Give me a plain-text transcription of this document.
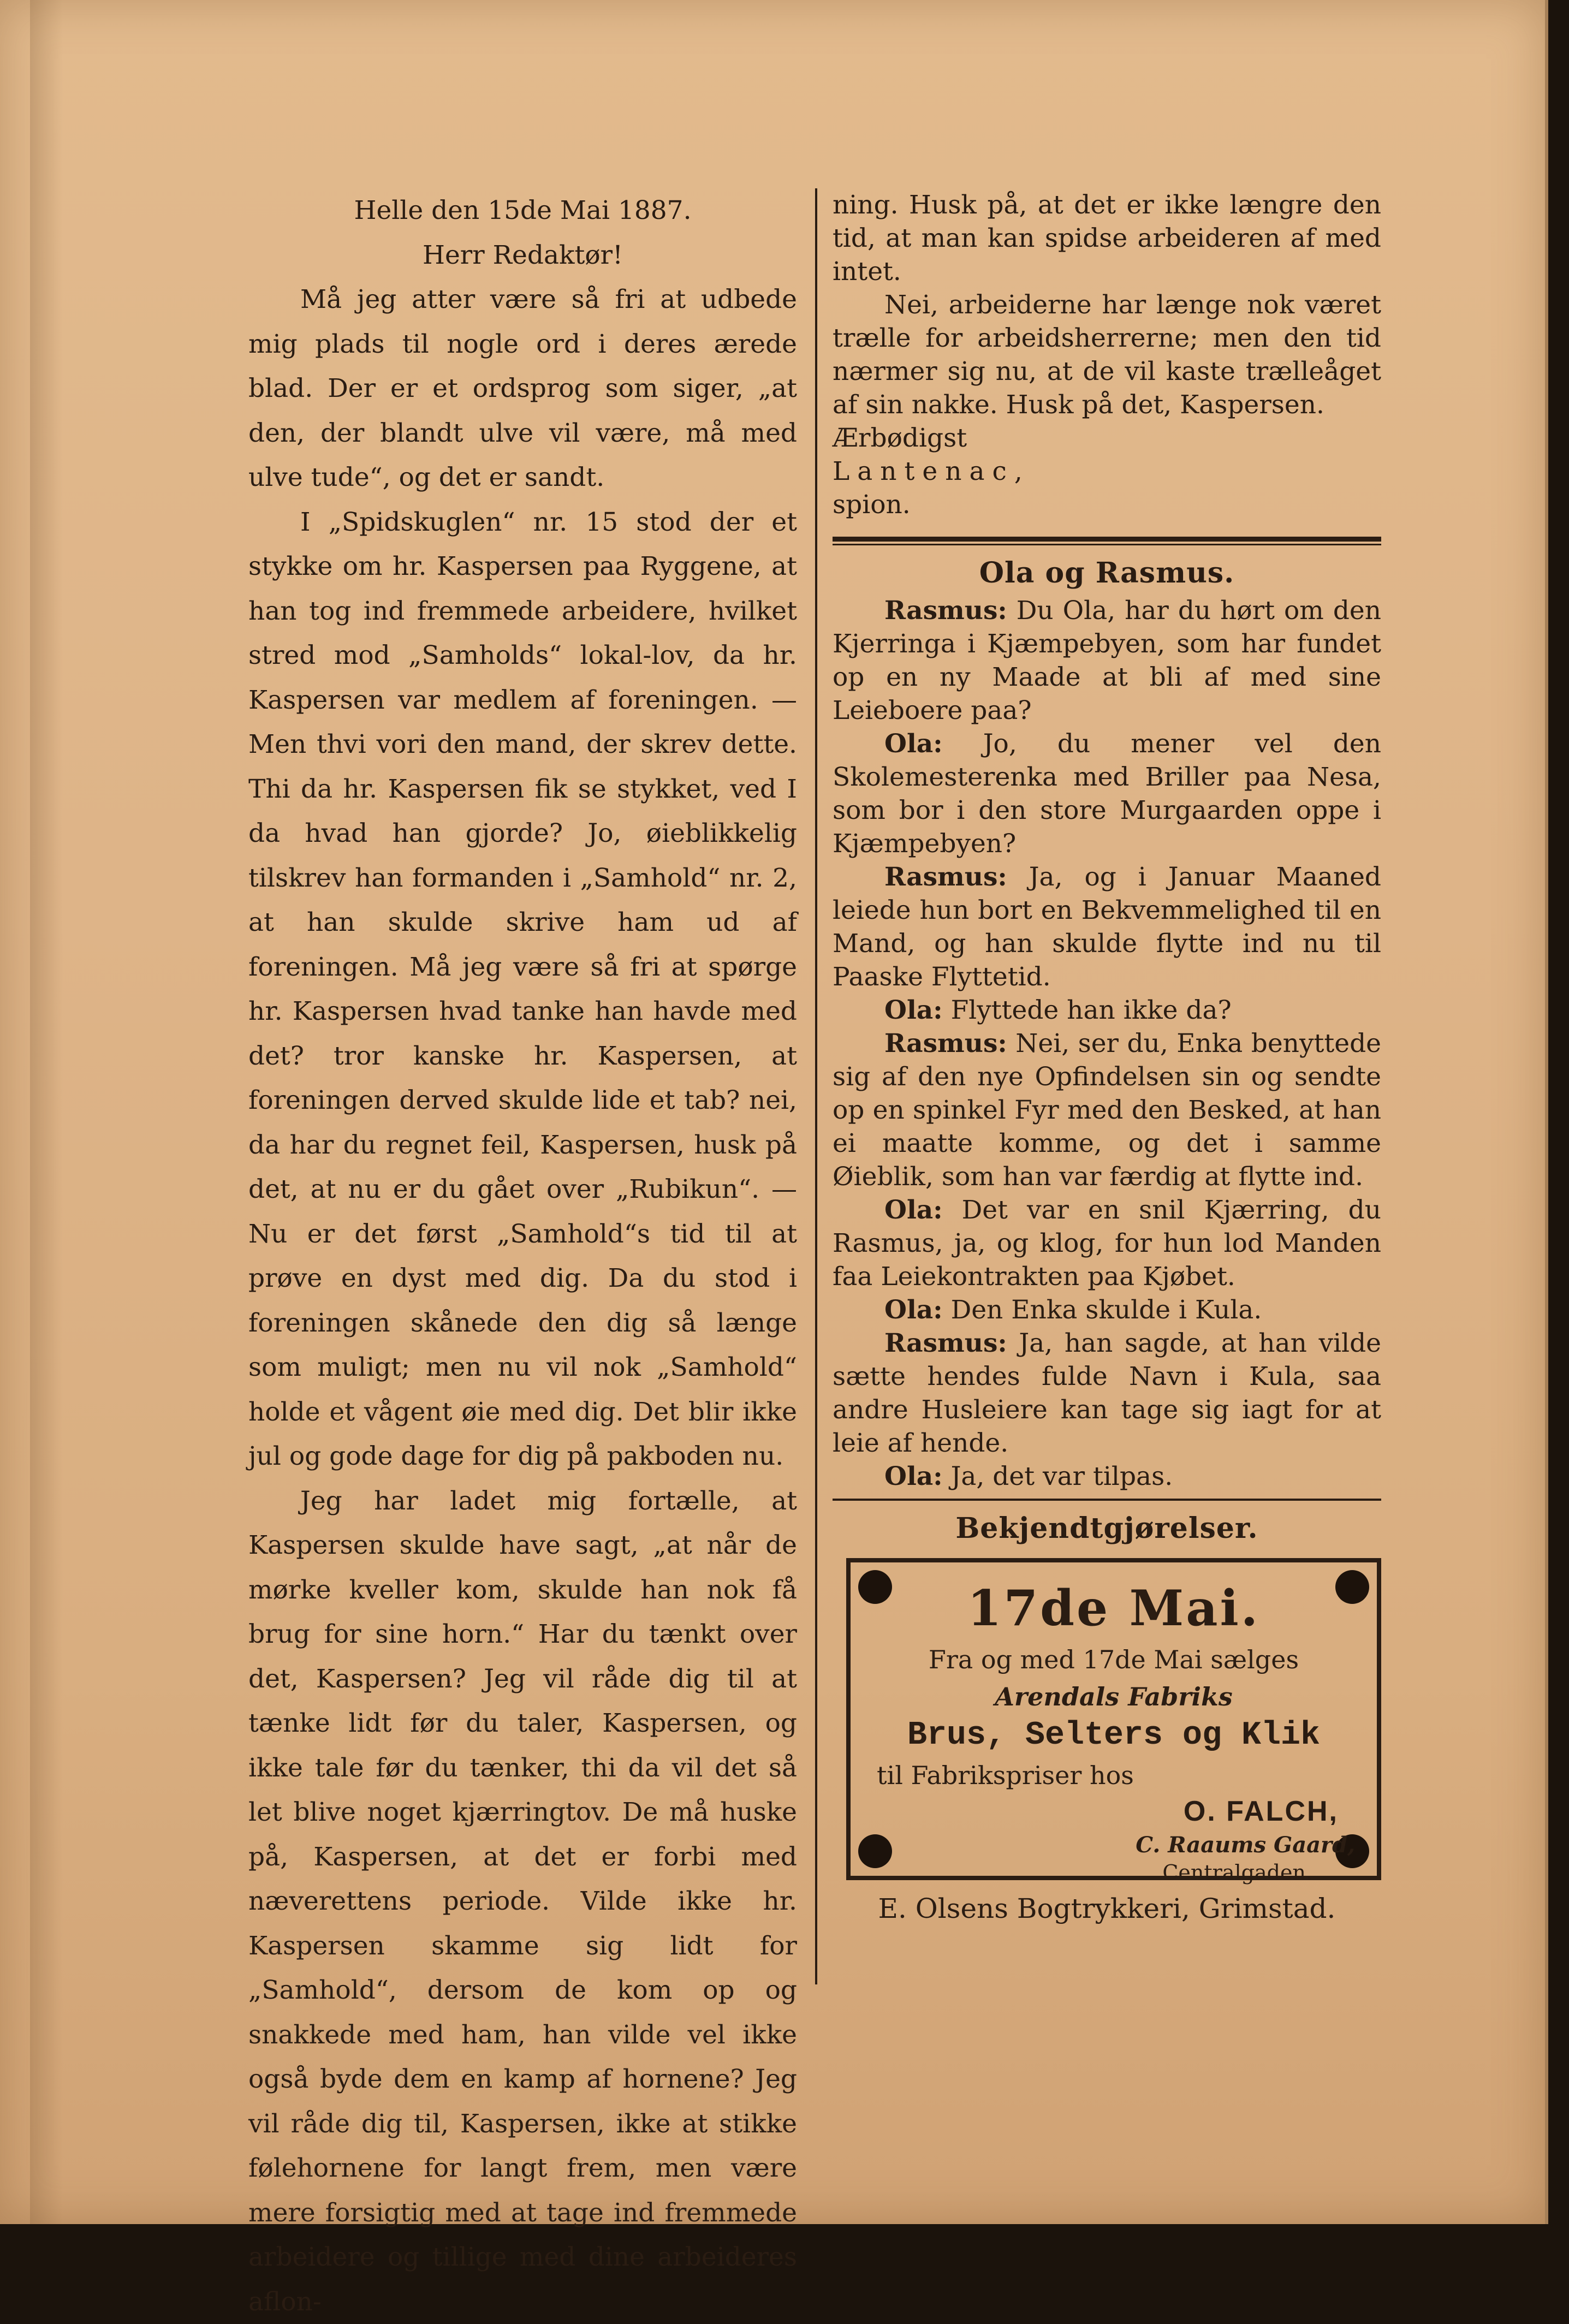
Helle den 15de Mai 1887.

Herr Redaktør!

Må jeg atter være så fri at udbede mig plads til nogle ord i deres ærede blad. Der er et ordsprog som siger, „at den, der blandt ulve vil være, må med ulve tude“, og det er sandt.

I „Spidskuglen“ nr. 15 stod der et stykke om hr. Kaspersen paa Ryggene, at han tog ind fremmede arbeidere, hvilket stred mod „Samholds“ lokal-lov, da hr. Kaspersen var medlem af foreningen. — Men thvi vori den mand, der skrev dette. Thi da hr. Kaspersen fik se stykket, ved I da hvad han gjorde? Jo, øieblikkelig tilskrev han formanden i „Samhold“ nr. 2, at han skulde skrive ham ud af foreningen. Må jeg være så fri at spørge hr. Kaspersen hvad tanke han havde med det? tror kanske hr. Kaspersen, at foreningen derved skulde lide et tab? nei, da har du regnet feil, Kaspersen, husk på det, at nu er du gået over „Rubikun“. — Nu er det først „Samhold“s tid til at prøve en dyst med dig. Da du stod i foreningen skånede den dig så længe som muligt; men nu vil nok „Samhold“ holde et vågent øie med dig. Det blir ikke jul og gode dage for dig på pakboden nu.

Jeg har ladet mig fortælle, at Kaspersen skulde have sagt, „at når de mørke kveller kom, skulde han nok få brug for sine horn.“ Har du tænkt over det, Kaspersen? Jeg vil råde dig til at tænke lidt før du taler, Kaspersen, og ikke tale før du tænker, thi da vil det så let blive noget kjærringtov. De må huske på, Kaspersen, at det er forbi med næverettens periode. Vilde ikke hr. Kaspersen skamme sig lidt for „Samhold“, dersom de kom op og snakkede med ham, han vilde vel ikke også byde dem en kamp af hornene? Jeg vil råde dig til, Kaspersen, ikke at stikke følehornene for langt frem, men være mere forsigtig med at tage ind fremmede arbeidere og tillige med dine arbeideres aflon-

ning. Husk på, at det er ikke længre den tid, at man kan spidse arbeideren af med intet.

Nei, arbeiderne har længe nok været trælle for arbeidsherrerne; men den tid nærmer sig nu, at de vil kaste trælleåget af sin nakke. Husk på det, Kaspersen.

Ærbødigst

Lantenac,

spion.

Ola og Rasmus.

Rasmus: Du Ola, har du hørt om den Kjerringa i Kjæmpebyen, som har fundet op en ny Maade at bli af med sine Leieboere paa?

Ola: Jo, du mener vel den Skolemesterenka med Briller paa Nesa, som bor i den store Murgaarden oppe i Kjæmpebyen?

Rasmus: Ja, og i Januar Maaned leiede hun bort en Bekvemmelighed til en Mand, og han skulde flytte ind nu til Paaske Flyttetid.

Ola: Flyttede han ikke da?

Rasmus: Nei, ser du, Enka benyttede sig af den nye Opfindelsen sin og sendte op en spinkel Fyr med den Besked, at han ei maatte komme, og det i samme Øieblik, som han var færdig at flytte ind.

Ola: Det var en snil Kjærring, du Rasmus, ja, og klog, for hun lod Manden faa Leiekontrakten paa Kjøbet.

Ola: Den Enka skulde i Kula.

Rasmus: Ja, han sagde, at han vilde sætte hendes fulde Navn i Kula, saa andre Husleiere kan tage sig iagt for at leie af hende.

Ola: Ja, det var tilpas.

Bekjendtgjørelser.
17de Mai.
Fra og med 17de Mai sælges
Arendals Fabriks
Brus, Selters og Klik
til Fabrikspriser hos
O. FALCH,
C. Raaums Gaard,
Centralgaden.
E. Olsens Bogtrykkeri, Grimstad.
